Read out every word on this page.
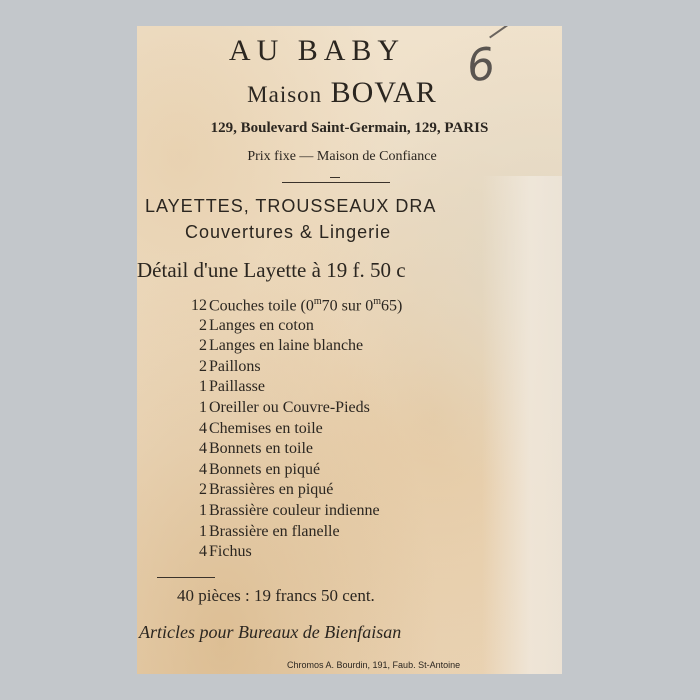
6
AU BABY
Maison BOVAR
129, Boulevard Saint-Germain, 129, PARIS
Prix fixe — Maison de Confiance
LAYETTES, TROUSSEAUX DRA
Couvertures & Lingerie
Détail d'une Layette à 19 f. 50 c
12 Couches toile (0$^m$70 sur 0$^m$65)
2 Langes en coton
2 Langes en laine blanche
2 Paillons
1 Paillasse
1 Oreiller ou Couvre-Pieds
4 Chemises en toile
4 Bonnets en toile
4 Bonnets en piqué
2 Brassières en piqué
1 Brassière couleur indienne
1 Brassière en flanelle
4 Fichus
40 pièces : 19 francs 50 cent.
Articles pour Bureaux de Bienfaisan
Chromos A. Bourdin, 191, Faub. St-Antoine
